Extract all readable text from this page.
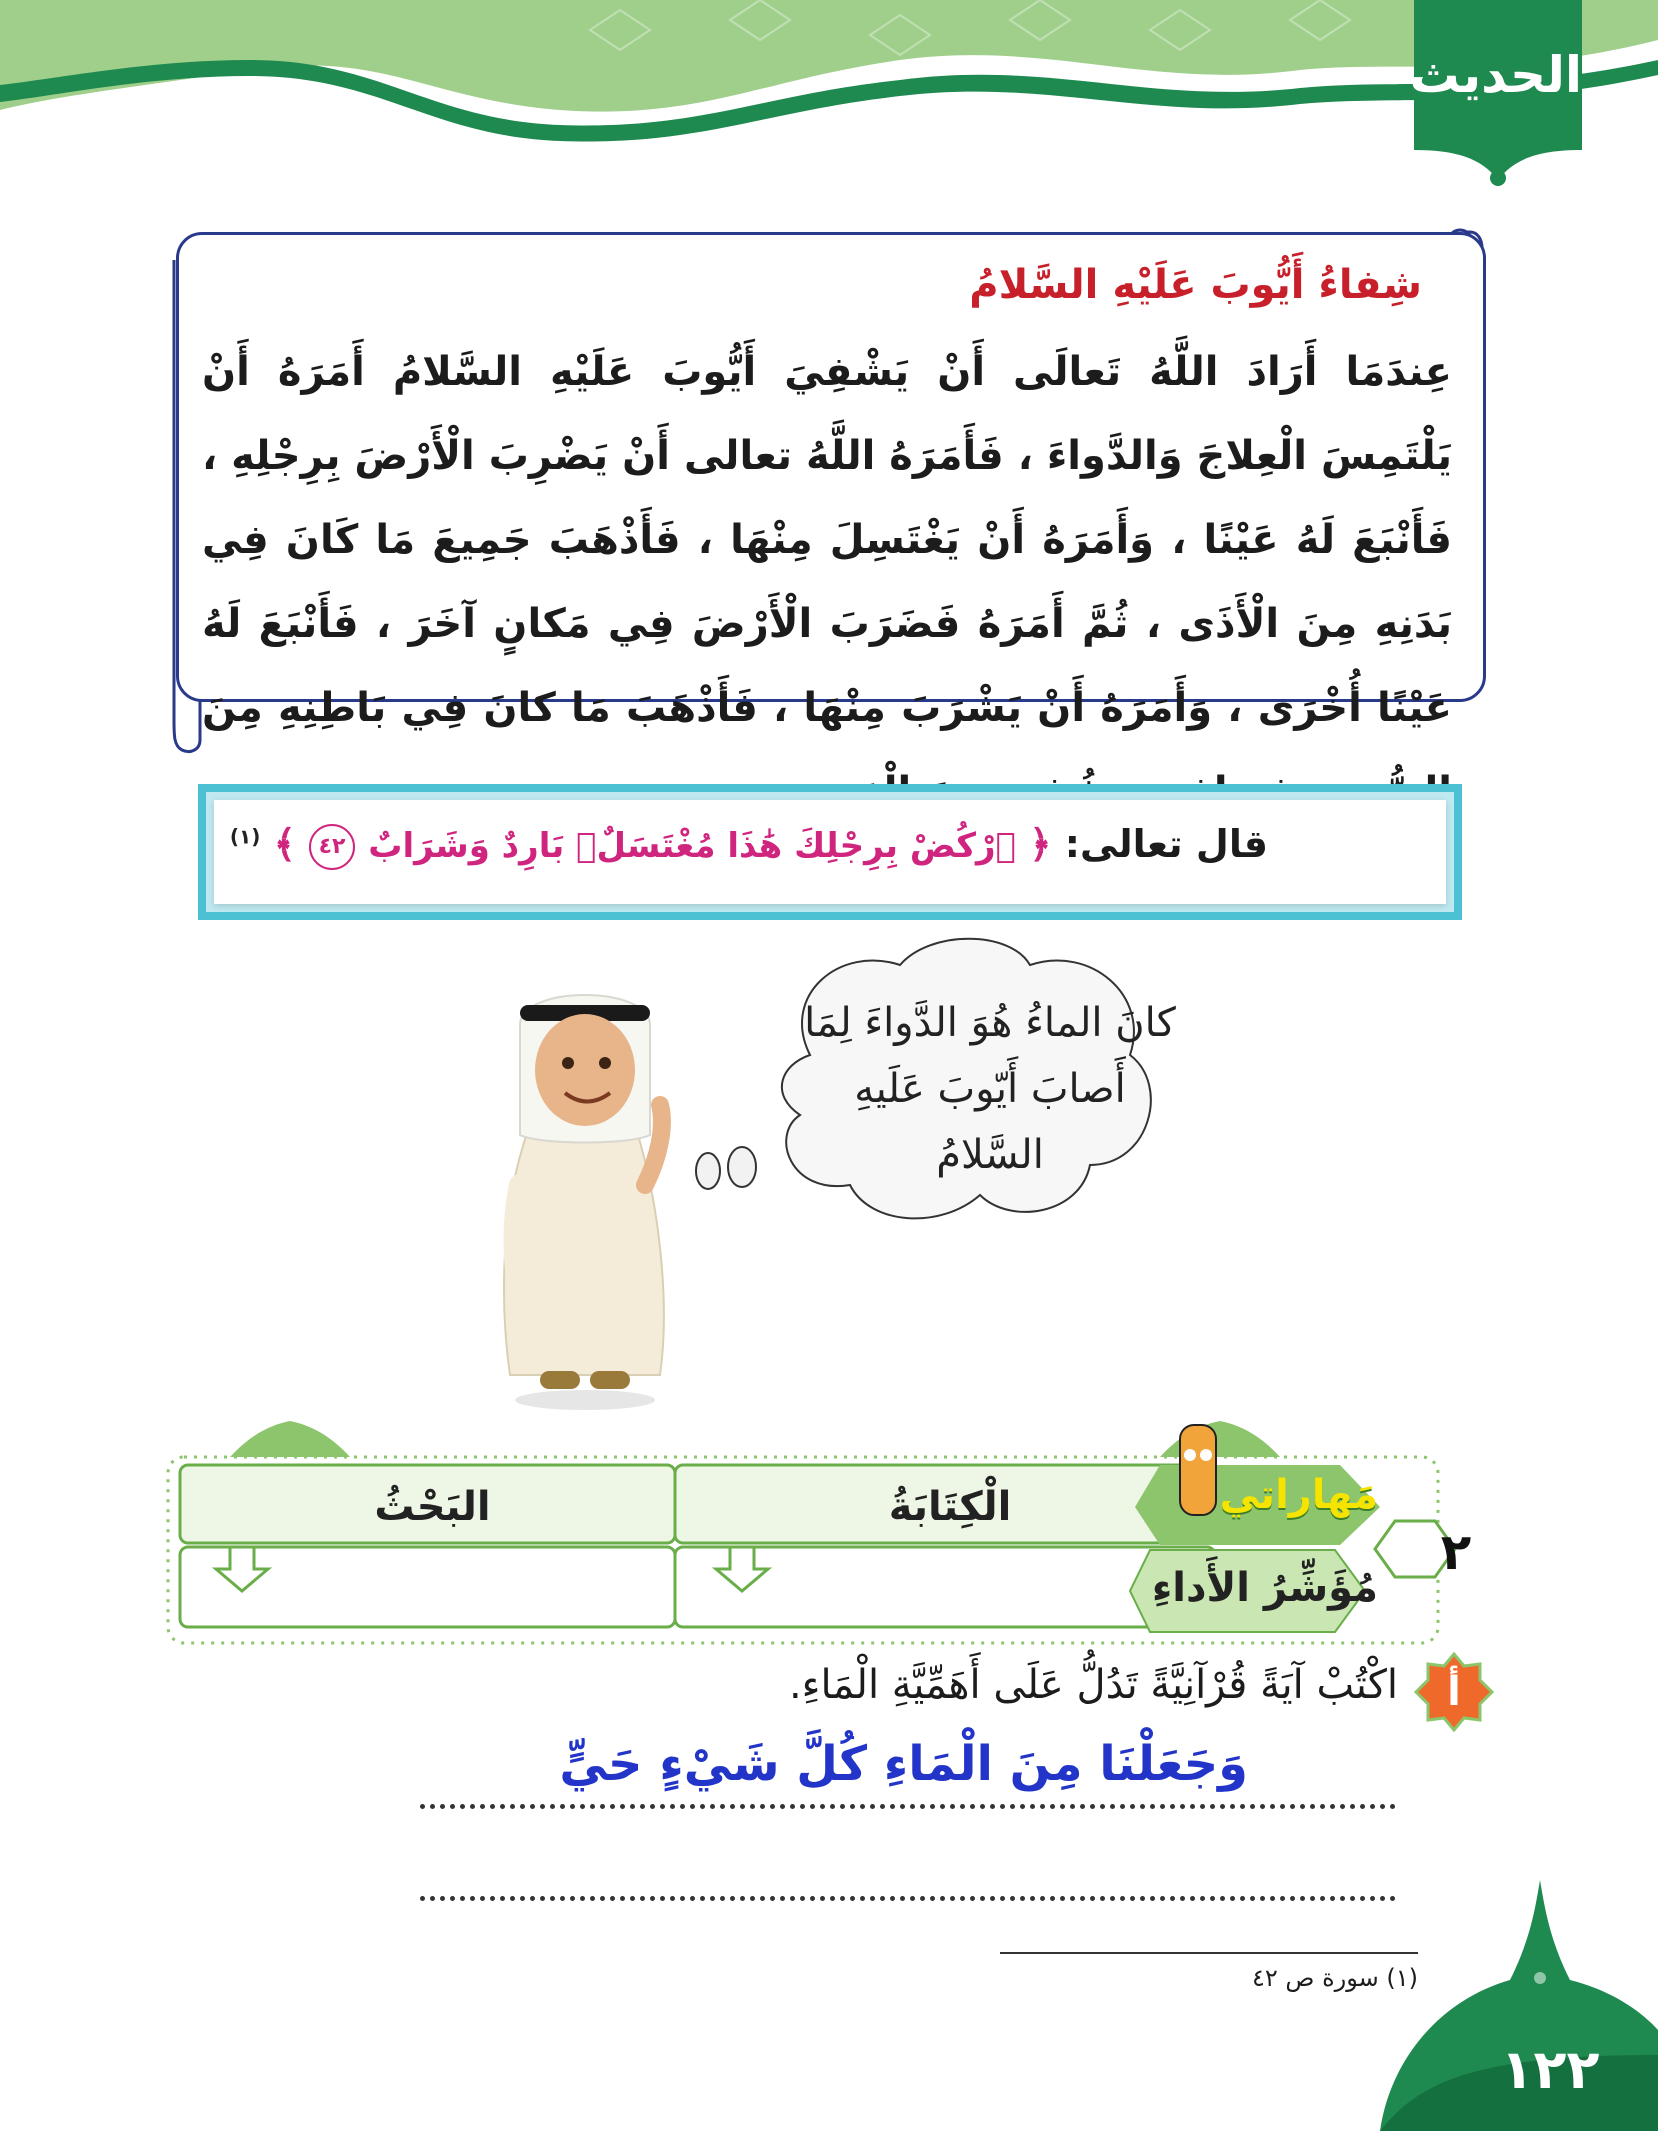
الحديث
شِفاءُ أَيُّوبَ عَلَيْهِ السَّلامُ
عِندَمَا أَرَادَ اللَّهُ تَعالَى أَنْ يَشْفِيَ أَيُّوبَ عَلَيْهِ السَّلامُ أَمَرَهُ أَنْ يَلْتَمِسَ الْعِلاجَ وَالدَّواءَ ، فَأَمَرَهُ اللَّهُ تعالى أَنْ يَضْرِبَ الْأَرْضَ بِرِجْلِهِ ، فَأَنْبَعَ لَهُ عَيْنًا ، وَأَمَرَهُ أَنْ يَغْتَسِلَ مِنْهَا ، فَأَذْهَبَ جَمِيعَ مَا كَانَ فِي بَدَنِهِ مِنَ الْأَذَى ، ثُمَّ أَمَرَهُ فَضَرَبَ الْأَرْضَ فِي مَكانٍ آخَرَ ، فَأَنْبَعَ لَهُ عَيْنًا أُخْرَى ، وَأَمَرَهُ أَنْ يَشْرَبَ مِنْهَا ، فَأَذْهَبَ مَا كانَ فِي بَاطِنِهِ مِنَ
قال تعالى: ﴿ ٱرْكُضْ بِرِجْلِكَ هَٰذَا مُغْتَسَلٌۢ بَارِدٌ وَشَرَابٌ ٤٢ ﴾ $^{(١)}$
كانَ الماءُ هُوَ الدَّواءَ لِمَا أَصابَ أَيّوبَ عَلَيهِ السَّلامُ
البَحْثُ	الْكِتَابَةُ	مَهاراتي
مُؤَشِّرُ الأَداءِ
٢
أ
اكْتُبْ آيَةً قُرْآنِيَّةً تَدُلُّ عَلَى أَهَمِّيَّةِ الْمَاءِ.
وَجَعَلْنَا مِنَ الْمَاءِ كُلَّ شَيْءٍ حَيٍّ
(١) سورة ص ٤٢
١٢٢
